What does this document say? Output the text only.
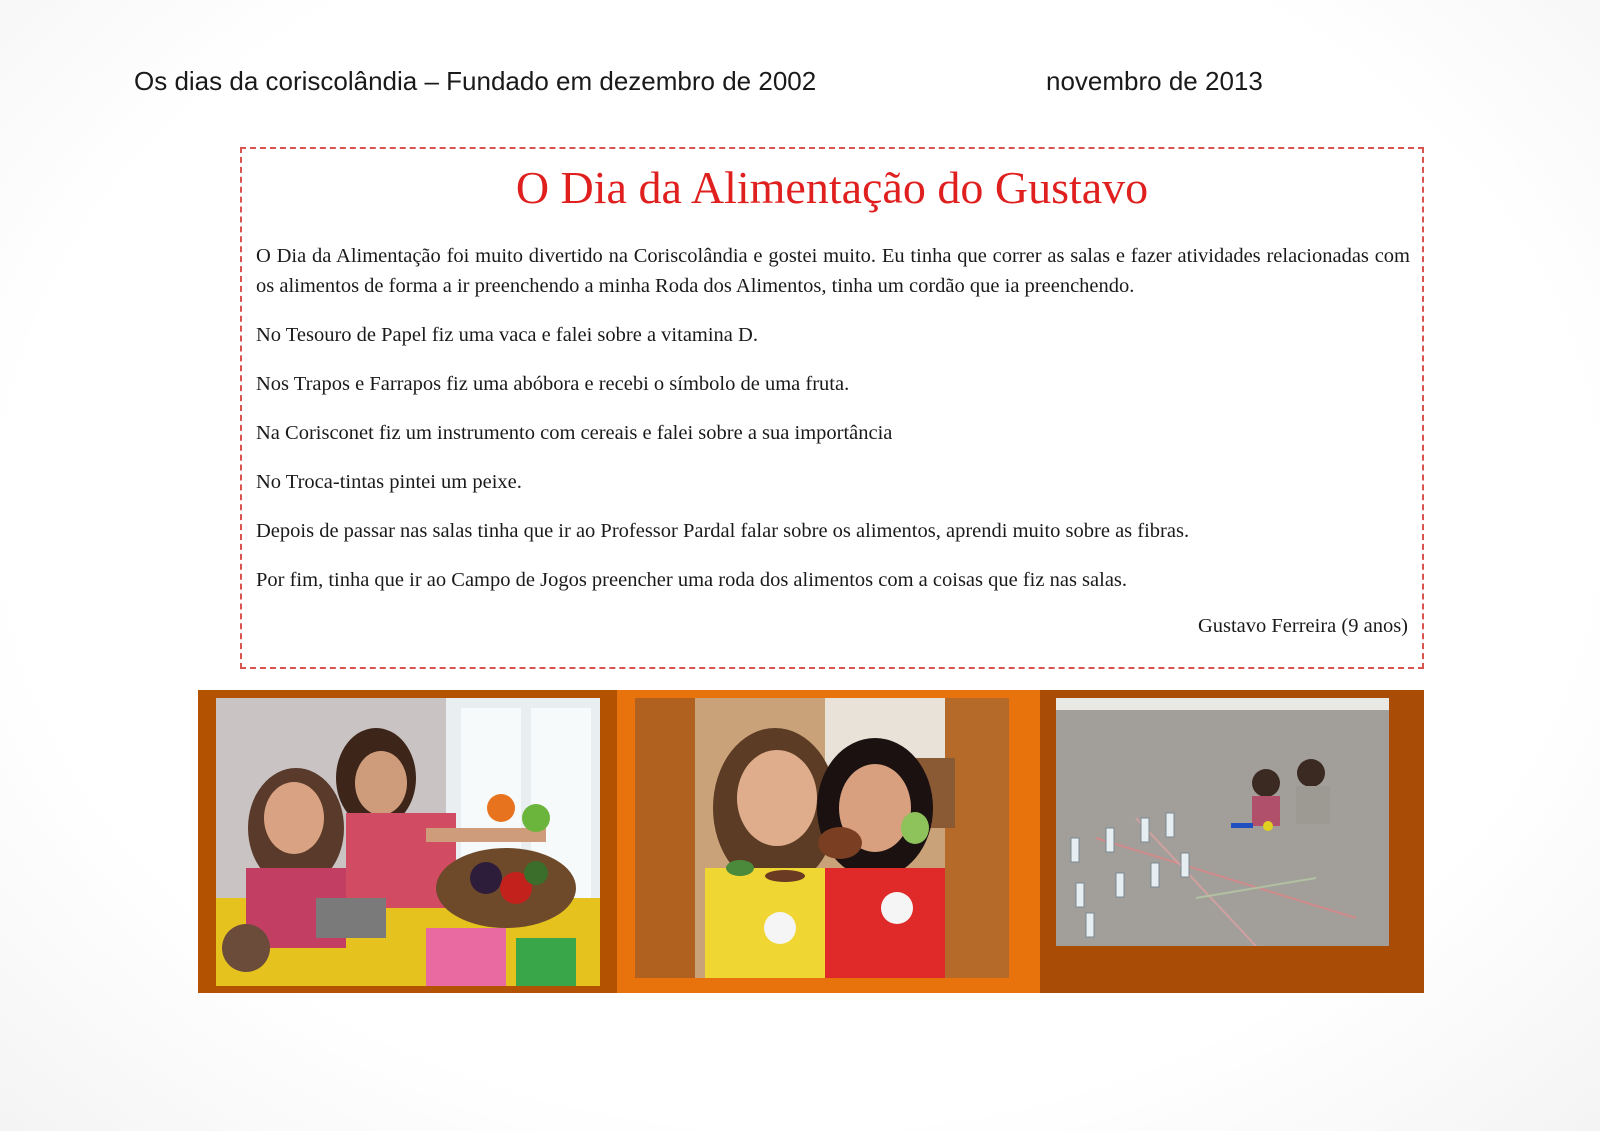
Os dias da coriscolândia – Fundado em dezembro de 2002	novembro de 2013
O Dia da Alimentação do Gustavo

O Dia da Alimentação foi muito divertido na Coriscolândia e gostei muito. Eu tinha que correr as salas e fazer atividades relacionadas com os alimentos de forma a ir preenchendo a minha Roda dos Alimentos, tinha um cordão que ia preenchendo.

No Tesouro de Papel fiz uma vaca e falei sobre a vitamina D.

Nos Trapos e Farrapos fiz uma abóbora e recebi o símbolo de uma fruta.

Na Corisconet fiz um instrumento com cereais e falei sobre a sua importância

No Troca-tintas pintei um peixe.

Depois de passar nas salas tinha que ir ao Professor Pardal falar sobre os alimentos, aprendi muito sobre as fibras.

Por fim, tinha que ir ao Campo de Jogos preencher uma roda dos alimentos com a coisas que fiz nas salas.

Gustavo Ferreira (9 anos)
